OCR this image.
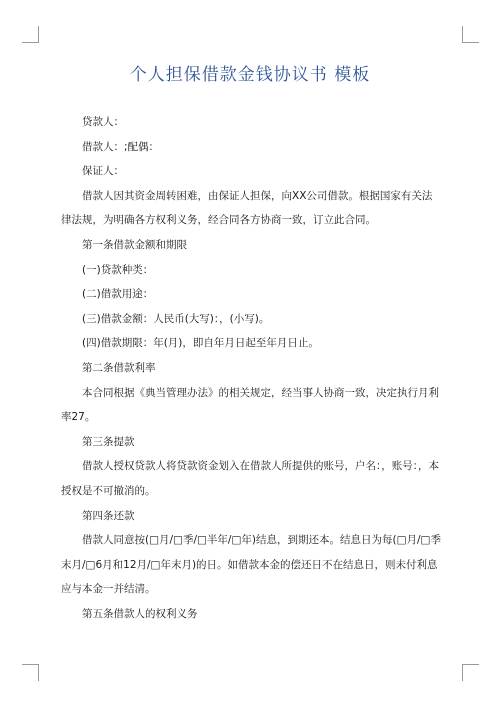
个人担保借款金钱协议书 模板

贷款人：

借款人：;配偶：

保证人：

借款人因其资金周转困难，由保证人担保，向XX公司借款。根据国家有关法律法规，为明确各方权利义务，经合同各方协商一致，订立此合同。

第一条借款金额和期限

(一)贷款种类：

(二)借款用途：

(三)借款金额：人民币(大写)：，(小写)。

(四)借款期限：年(月)，即自年月日起至年月日止。

第二条借款利率

本合同根据《典当管理办法》的相关规定，经当事人协商一致，决定执行月利率27。

第三条提款

借款人授权贷款人将贷款资金划入在借款人所提供的账号，户名：，账号：，本授权是不可撤消的。

第四条还款

借款人同意按(□月/□季/□半年/□年)结息，到期还本。结息日为每(□月/□季末月/□6月和12月/□年末月)的日。如借款本金的偿还日不在结息日，则未付利息应与本金一并结清。

第五条借款人的权利义务
